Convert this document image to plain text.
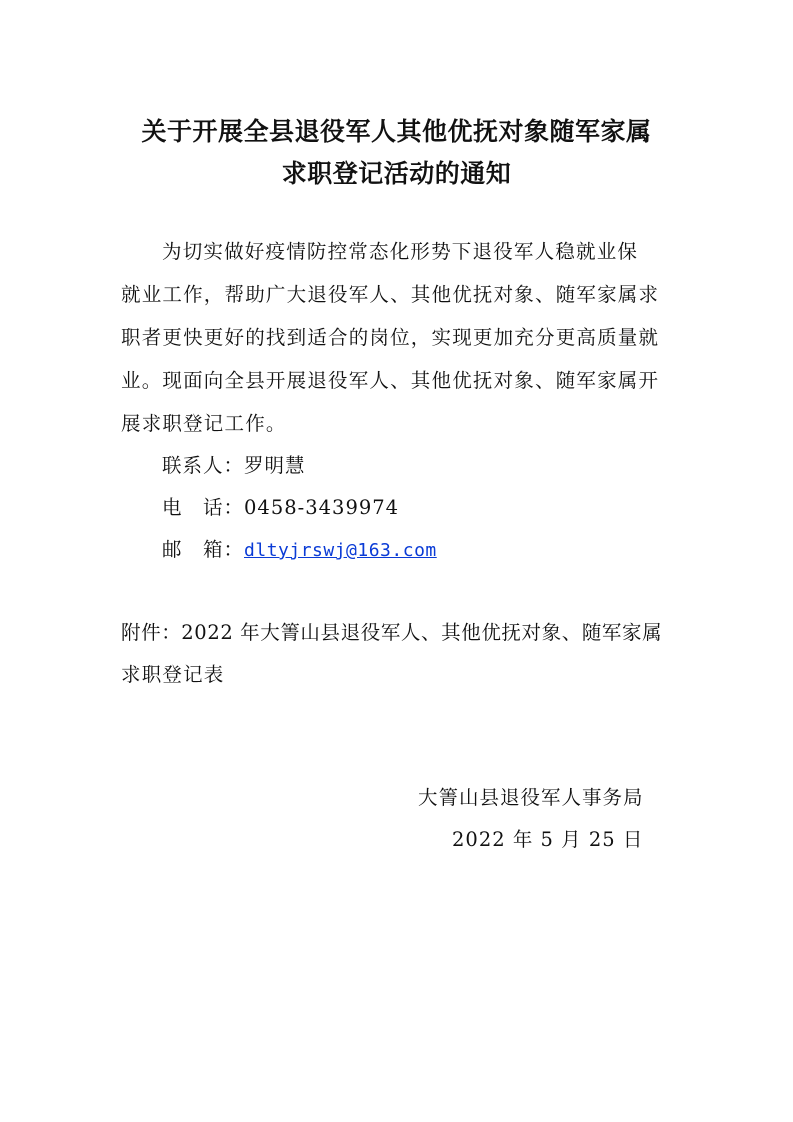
关于开展全县退役军人其他优抚对象随军家属
求职登记活动的通知
为切实做好疫情防控常态化形势下退役军人稳就业保
就业工作，帮助广大退役军人、其他优抚对象、随军家属求
职者更快更好的找到适合的岗位，实现更加充分更高质量就
业。现面向全县开展退役军人、其他优抚对象、随军家属开
展求职登记工作。
联系人：罗明慧
电　话：0458-3439974
邮　箱：dltyjrswj@163.com
附件：2022 年大箐山县退役军人、其他优抚对象、随军家属
求职登记表
大箐山县退役军人事务局
2022 年 5 月 25 日
